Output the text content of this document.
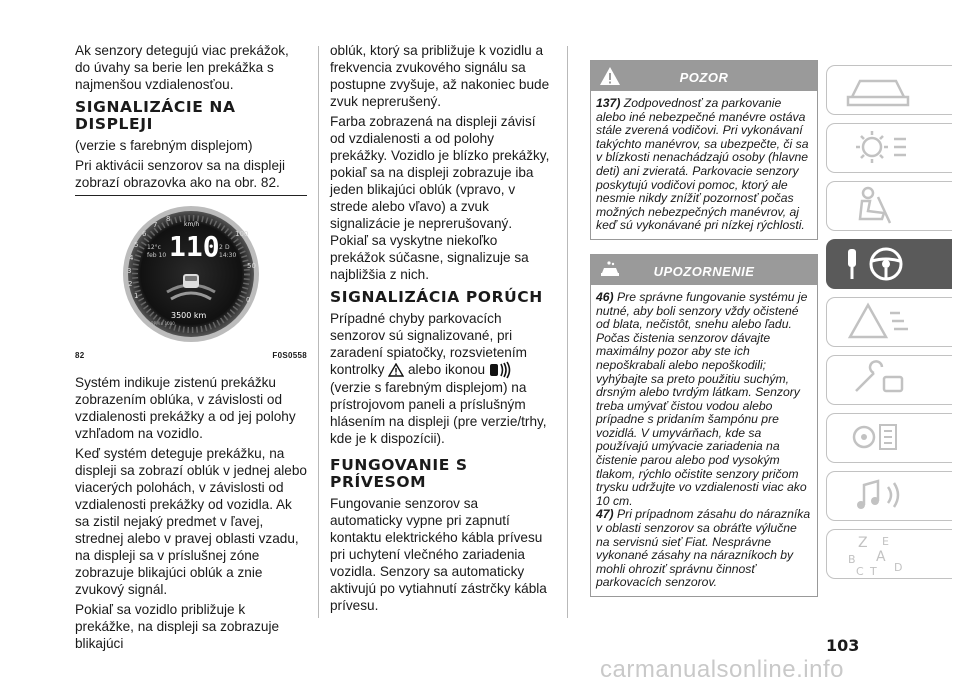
Ak senzory detegujú viac prekážok, do úvahy sa berie len prekážka s najmenšou vzdialenosťou.

SIGNALIZÁCIE NA DISPLEJI

(verzie s farebným displejom)

Pri aktivácii senzorov sa na displeji zobrazí obrazovka ako na obr. 82.

1
2
3
4
5
6
7
8
100
50
0
km/h
110
12°c
feb 10
2 D
14:30
3500 km
RPM x 1000
82	F0S0558

Systém indikuje zistenú prekážku zobrazením oblúka, v závislosti od vzdialenosti prekážky a od jej polohy vzhľadom na vozidlo.

Keď systém deteguje prekážku, na displeji sa zobrazí oblúk v jednej alebo viacerých polohách, v závislosti od vzdialenosti prekážky od vozidla. Ak sa zistil nejaký predmet v ľavej, strednej alebo v pravej oblasti vzadu, na displeji sa v príslušnej zóne zobrazuje blikajúci oblúk a znie zvukový signál.

Pokiaľ sa vozidlo približuje k prekážke, na displeji sa zobrazuje blikajúci

oblúk, ktorý sa približuje k vozidlu a frekvencia zvukového signálu sa postupne zvyšuje, až nakoniec bude zvuk neprerušený.

Farba zobrazená na displeji závisí od vzdialenosti a od polohy prekážky. Vozidlo je blízko prekážky, pokiaľ sa na displeji zobrazuje iba jeden blikajúci oblúk (vpravo, v strede alebo vľavo) a zvuk signalizácie je neprerušovaný. Pokiaľ sa vyskytne niekoľko prekážok súčasne, signalizuje sa najbližšia z nich.

SIGNALIZÁCIA PORÚCH

Prípadné chyby parkovacích senzorov sú signalizované, pri zaradení spiatočky, rozsvietením kontrolky alebo ikonou  (verzie s farebným displejom) na prístrojovom paneli a príslušným hlásením na displeji (pre verzie/trhy, kde je k dispozícii).

FUNGOVANIE S PRÍVESOM

Fungovanie senzorov sa automaticky vypne pri zapnutí kontaktu elektrického kábla prívesu pri uchytení vlečného zariadenia vozidla. Senzory sa automaticky aktivujú po vytiahnutí zástrčky kábla prívesu.

POZOR

137) Zodpovednosť za parkovanie alebo iné nebezpečné manévre ostáva stále zverená vodičovi. Pri vykonávaní takýchto manévrov, sa ubezpečte, či sa v blízkosti nenachádzajú osoby (hlavne deti) ani zvieratá. Parkovacie senzory poskytujú vodičovi pomoc, ktorý ale nesmie nikdy znížiť pozornosť počas možných nebezpečných manévrov, aj keď sú vykonávané pri nízkej rýchlosti.

UPOZORNENIE

46) Pre správne fungovanie systému je nutné, aby boli senzory vždy očistené od blata, nečistôt, snehu alebo ľadu. Počas čistenia senzorov dávajte maximálny pozor aby ste ich nepoškrabali alebo nepoškodili; vyhýbajte sa preto použitiu suchým, drsným alebo tvrdým látkam. Senzory treba umývať čistou vodou alebo prípadne s pridaním šampónu pre vozidlá. V umyvárňach, kde sa používajú umývacie zariadenia na čistenie parou alebo pod vysokým tlakom, rýchlo očistite senzory pričom trysku udržujte vo vzdialenosti viac ako 10 cm.

47) Pri prípadnom zásahu do nárazníka v oblasti senzorov sa obráťte výlučne na servisnú sieť Fiat. Nesprávne vykonané zásahy na nárazníkoch by mohli ohroziť správnu činnosť parkovacích senzorov.

Z E
B A
C T D
103
carmanualsonline.info
